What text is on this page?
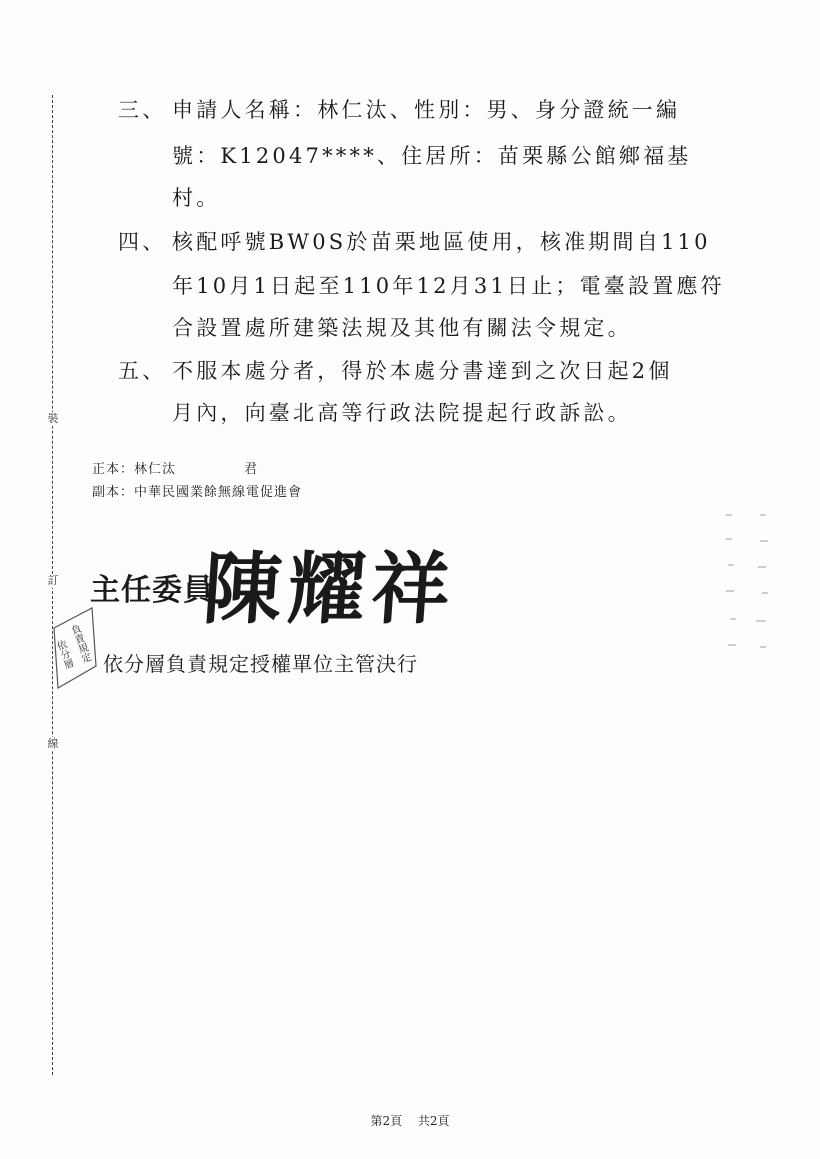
裝
訂
線
三、 申請人名稱：林仁汰、性別：男、身分證統一編
號：K12047****、住居所：苗栗縣公館鄉福基
村。
四、 核配呼號BW0S於苗栗地區使用，核准期間自110
年10月1日起至110年12月31日止；電臺設置應符
合設置處所建築法規及其他有關法令規定。
五、 不服本處分者，得於本處分書達到之次日起2個
月內，向臺北高等行政法院提起行政訴訟。
正本：林仁汰	君
副本：中華民國業餘無線電促進會
主任委員
陳耀祥
依分層
負責規定 依分層負責規定授權單位主管決行
第2頁 共2頁
